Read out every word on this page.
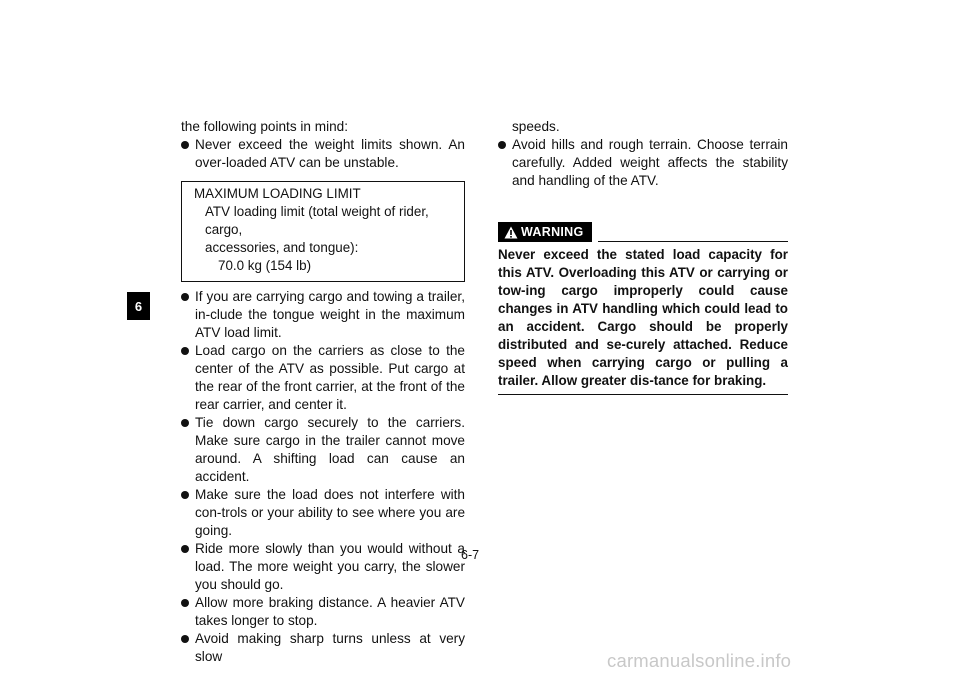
6

the following points in mind:

Never exceed the weight limits shown. An over-loaded ATV can be unstable.
MAXIMUM LOADING LIMIT
ATV loading limit (total weight of rider, cargo,
accessories, and tongue):
70.0 kg (154 lb)
If you are carrying cargo and towing a trailer, in-clude the tongue weight in the maximum ATV load limit.
Load cargo on the carriers as close to the center of the ATV as possible. Put cargo at the rear of the front carrier, at the front of the rear carrier, and center it.
Tie down cargo securely to the carriers. Make sure cargo in the trailer cannot move around. A shifting load can cause an accident.
Make sure the load does not interfere with con-trols or your ability to see where you are going.
Ride more slowly than you would without a load. The more weight you carry, the slower you should go.
Allow more braking distance. A heavier ATV takes longer to stop.
Avoid making sharp turns unless at very slow

speeds.

Avoid hills and rough terrain. Choose terrain carefully. Added weight affects the stability and handling of the ATV.
WARNING
Never exceed the stated load capacity for this ATV. Overloading this ATV or carrying or tow-ing cargo improperly could cause changes in ATV handling which could lead to an accident. Cargo should be properly distributed and se-curely attached. Reduce speed when carrying cargo or pulling a trailer. Allow greater dis-tance for braking.
6-7
carmanualsonline.info
